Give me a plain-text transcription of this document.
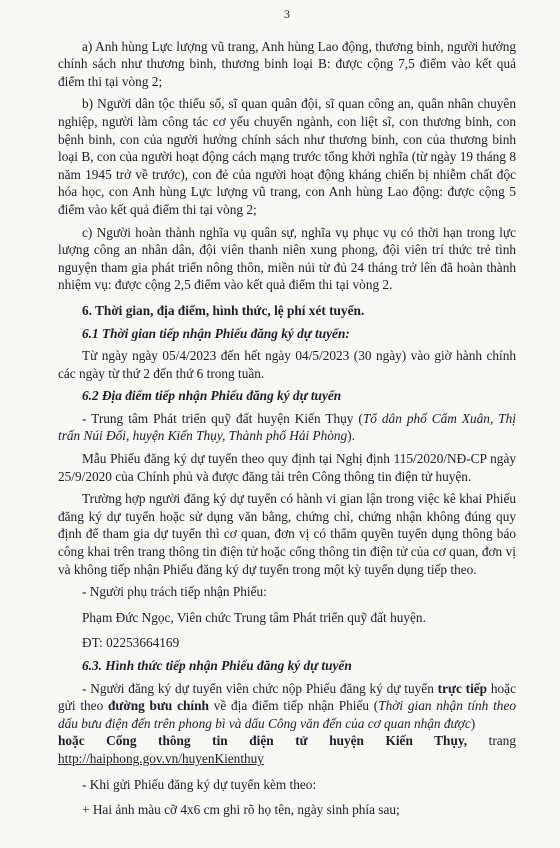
3

a) Anh hùng Lực lượng vũ trang, Anh hùng Lao động, thương binh, người hưởng chính sách như thương binh, thương binh loại B: được cộng 7,5 điểm vào kết quả điểm thi tại vòng 2;

b) Người dân tộc thiểu số, sĩ quan quân đội, sĩ quan công an, quân nhân chuyên nghiệp, người làm công tác cơ yếu chuyển ngành, con liệt sĩ, con thương binh, con bệnh binh, con của người hưởng chính sách như thương binh, con của thương binh loại B, con của người hoạt động cách mạng trước tổng khởi nghĩa (từ ngày 19 tháng 8 năm 1945 trở về trước), con đẻ của người hoạt động kháng chiến bị nhiễm chất độc hóa học, con Anh hùng Lực lượng vũ trang, con Anh hùng Lao động: được cộng 5 điểm vào kết quả điểm thi tại vòng 2;

c) Người hoàn thành nghĩa vụ quân sự, nghĩa vụ phục vụ có thời hạn trong lực lượng công an nhân dân, đội viên thanh niên xung phong, đội viên trí thức trẻ tình nguyện tham gia phát triển nông thôn, miền núi từ đủ 24 tháng trở lên đã hoàn thành nhiệm vụ: được cộng 2,5 điểm vào kết quả điểm thi tại vòng 2.

6. Thời gian, địa điểm, hình thức, lệ phí xét tuyển.

6.1 Thời gian tiếp nhận Phiếu đăng ký dự tuyển:

Từ ngày ngày 05/4/2023 đến hết ngày 04/5/2023 (30 ngày) vào giờ hành chính các ngày từ thứ 2 đến thứ 6 trong tuần.

6.2 Địa điểm tiếp nhận Phiếu đăng ký dự tuyển

- Trung tâm Phát triển quỹ đất huyện Kiến Thụy (Tổ dân phố Cẩm Xuân, Thị trấn Núi Đối, huyện Kiến Thụy, Thành phố Hải Phòng).

Mẫu Phiếu đăng ký dự tuyển theo quy định tại Nghị định 115/2020/NĐ-CP ngày 25/9/2020 của Chính phủ và được đăng tải trên Công thông tin điện tử huyện.

Trường hợp người đăng ký dự tuyển có hành vi gian lận trong việc kê khai Phiếu đăng ký dự tuyển hoặc sử dụng văn bằng, chứng chỉ, chứng nhận không đúng quy định để tham gia dự tuyển thì cơ quan, đơn vị có thẩm quyền tuyển dụng thông báo công khai trên trang thông tin điện tử hoặc cổng thông tin điện tử của cơ quan, đơn vị và không tiếp nhận Phiếu đăng ký dự tuyển trong một kỳ tuyển dụng tiếp theo.

- Người phụ trách tiếp nhận Phiếu:

Phạm Đức Ngọc, Viên chức Trung tâm Phát triển quỹ đất huyện.

ĐT: 02253664169

6.3. Hình thức tiếp nhận Phiếu đăng ký dự tuyển

- Người đăng ký dự tuyển viên chức nộp Phiếu đăng ký dự tuyển trực tiếp hoặc gửi theo đường bưu chính về địa điểm tiếp nhận Phiếu (Thời gian nhận tính theo dấu bưu điện đến trên phong bì và dấu Công văn đến của cơ quan nhận được)

hoặc Cổng thông tin điện tử huyện Kiến Thụy, trang

http://haiphong.gov.vn/huyenKienthuy

- Khi gửi Phiếu đăng ký dự tuyển kèm theo:

+ Hai ảnh màu cỡ 4x6 cm ghi rõ họ tên, ngày sinh phía sau;
